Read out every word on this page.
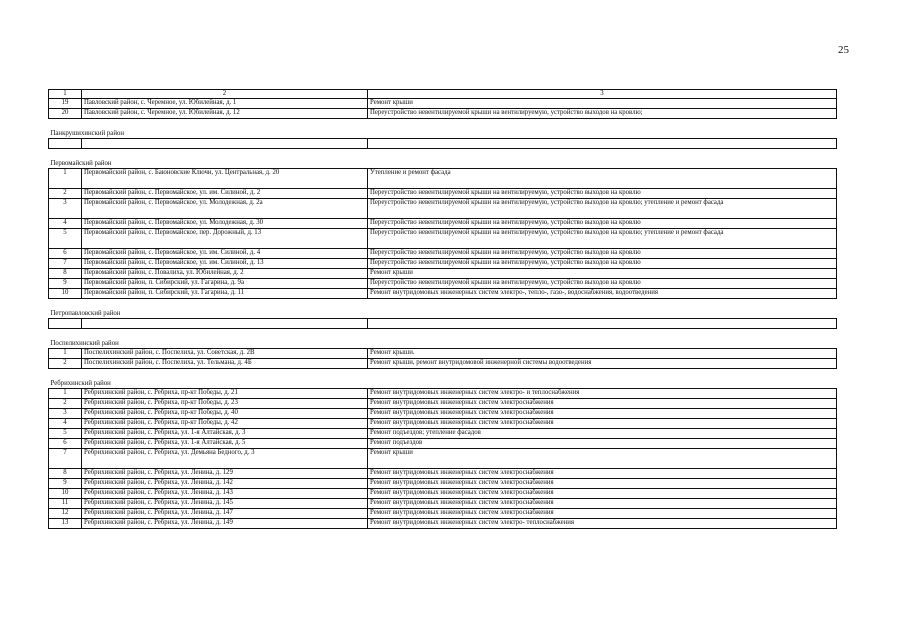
25
1	2	3
19	Павловский район, с. Черемное, ул. Юбилейная, д. 1	Ремонт крыши
20	Павловский район, с. Черемное, ул. Юбилейная, д. 12	Переустройство невентилируемой крыши на вентилируемую, устройство выходов на кровлю;
Панкрушихинский район		

Первомайский район		
1	Первомайский район, с. Баюновские Ключи, ул. Центральная, д. 20	Утепление и ремонт фасада
2	Первомайский район, с. Первомайское, ул. им. Силиной, д. 2	Переустройство невентилируемой крыши на вентилируемую, устройство выходов на кровлю
3	Первомайский район, с. Первомайское, ул. Молодежная, д. 2а	Переустройство невентилируемой крыши на вентилируемую, устройство выходов на кровлю; утепление и ремонт фасада
4	Первомайский район, с. Первомайское, ул. Молодежная, д. 30	Переустройство невентилируемой крыши на вентилируемую, устройство выходов на кровлю
5	Первомайский район, с. Первомайское, пер. Дорожный, д. 13	Переустройство невентилируемой крыши на вентилируемую, устройство выходов на кровлю; утепление и ремонт фасада
6	Первомайский район, с. Первомайское, ул. им. Силиной, д. 4	Переустройство невентилируемой крыши на вентилируемую, устройство выходов на кровлю
7	Первомайский район, с. Первомайское, ул. им. Силиной, д. 13	Переустройство невентилируемой крыши на вентилируемую, устройство выходов на кровлю
8	Первомайский район, с. Повалиха, ул. Юбилейная, д. 2	Ремонт крыши
9	Первомайский район, п. Сибирский, ул. Гагарина, д. 9а	Переустройство невентилируемой крыши на вентилируемую, устройство выходов на кровлю
10	Первомайский район, п. Сибирский, ул. Гагарина, д. 11	Ремонт внутридомовых инженерных систем электро-, тепло-, газо-, водоснабжения, водоотведения
Петропавловский район		

Поспелихинский район		
1	Поспелихинский район, с. Поспелиха, ул. Советская, д. 2В	Ремонт крыши.
2	Поспелихинский район, с. Поспелиха, ул. Тельмана, д. 4Б	Ремонт крыши, ремонт внутридомовой инженерной системы водоотведения
Ребрихинский район		
1	Ребрихинский район, с. Ребриха, пр-кт Победы, д. 21	Ремонт внутридомовых инженерных систем электро- и теплоснабжения
2	Ребрихинский район, с. Ребриха, пр-кт Победы, д. 23	Ремонт внутридомовых инженерных систем электроснабжения
3	Ребрихинский район, с. Ребриха, пр-кт Победы, д. 40	Ремонт внутридомовых инженерных систем электроснабжения
4	Ребрихинский район, с. Ребриха, пр-кт Победы, д. 42	Ремонт внутридомовых инженерных систем электроснабжения
5	Ребрихинский район, с. Ребриха, ул. 1-я Алтайская, д. 3	Ремонт подъездов; утепление фасадов
6	Ребрихинский район, с. Ребриха, ул. 1-я Алтайская, д. 5	Ремонт подъездов
7	Ребрихинский район, с. Ребриха, ул. Демьяна Бедного, д. 3	Ремонт крыши
8	Ребрихинский район, с. Ребриха, ул. Ленина, д. 129	Ремонт внутридомовых инженерных систем электроснабжения
9	Ребрихинский район, с. Ребриха, ул. Ленина, д. 142	Ремонт внутридомовых инженерных систем электроснабжения
10	Ребрихинский район, с. Ребриха, ул. Ленина, д. 143	Ремонт внутридомовых инженерных систем электроснабжения
11	Ребрихинский район, с. Ребриха, ул. Ленина, д. 145	Ремонт внутридомовых инженерных систем электроснабжения
12	Ребрихинский район, с. Ребриха, ул. Ленина, д. 147	Ремонт внутридомовых инженерных систем электроснабжения
13	Ребрихинский район, с. Ребриха, ул. Ленина, д. 149	Ремонт внутридомовых инженерных систем электро- теплоснабжения
